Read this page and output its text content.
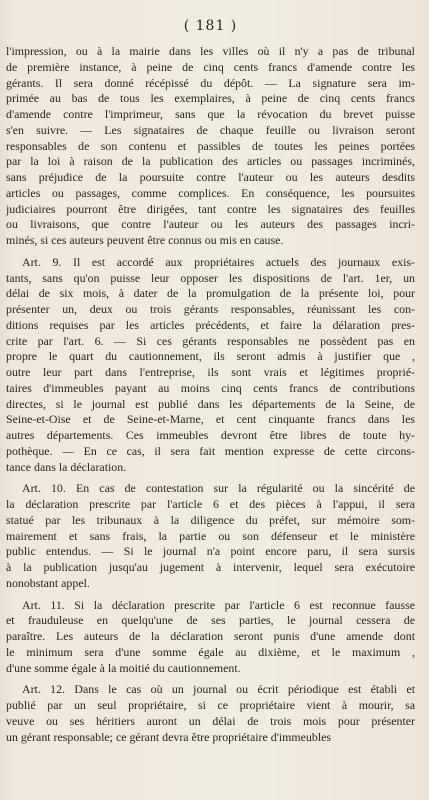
( 181 )
l'impression, ou à la mairie dans les villes où il n'y a pas de tribunal
de première instance, à peine de cinq cents francs d'amende contre les
gérants. Il sera donné récépissé du dépôt. — La signature sera im-
primée au bas de tous les exemplaires, à peine de cinq cents francs
d'amende contre l'imprimeur, sans que la révocation du brevet puisse
s'en suivre. — Les signataires de chaque feuille ou livraison seront
responsables de son contenu et passibles de toutes les peines portées
par la loi à raison de la publication des articles ou passages incriminés,
sans préjudice de la poursuite contre l'auteur ou les auteurs desdits
articles ou passages, comme complices. En conséquence, les poursuites
judiciaires pourront être dirigées, tant contre les signataires des feuilles
ou livraisons, que contre l'auteur ou les auteurs des passages incri-
minés, si ces auteurs peuvent être connus ou mis en cause.
Art. 9. Il est accordé aux propriétaires actuels des journaux exis-
tants, sans qu'on puisse leur opposer les dispositions de l'art. 1er, un
délai de six mois, à dater de la promulgation de la présente loi, pour
présenter un, deux ou trois gérants responsables, réunissant les con-
ditions requises par les articles précédents, et faire la délaration pres-
crite par l'art. 6. — Si ces gérants responsables ne possèdent pas en
propre le quart du cautionnement, ils seront admis à justifier que ,
outre leur part dans l'entreprise, ils sont vrais et légitimes proprié-
taires d'immeubles payant au moins cinq cents francs de contributions
directes, si le journal est publié dans les départements de la Seine, de
Seine-et-Oise et de Seine-et-Marne, et cent cinquante francs dans les
autres départements. Ces immeubles devront être libres de toute hy-
pothèque. — En ce cas, il sera fait mention expresse de cette circons-
tance dans la déclaration.
Art. 10. En cas de contestation sur la régularité ou la sincérité de
la déclaration prescrite par l'article 6 et des pièces à l'appui, il sera
statué par les tribunaux à la diligence du préfet, sur mémoire som-
mairement et sans frais, la partie ou son défenseur et le ministère
public entendus. — Si le journal n'a point encore paru, il sera sursis
à la publication jusqu'au jugement à intervenir, lequel sera exécutoire
nonobstant appel.
Art. 11. Si la déclaration prescrite par l'article 6 est reconnue fausse
et frauduleuse en quelqu'une de ses parties, le journal cessera de
paraître. Les auteurs de la déclaration seront punis d'une amende dont
le minimum sera d'une somme égale au dixième, et le maximum ,
d'une somme égale à la moitié du cautionnement.
Art. 12. Dans le cas où un journal ou écrit périodique est établi et
publié par un seul propriétaire, si ce propriétaire vient à mourir, sa
veuve ou ses héritiers auront un délai de trois mois pour présenter
un gérant responsable; ce gérant devra être propriétaire d'immeubles
